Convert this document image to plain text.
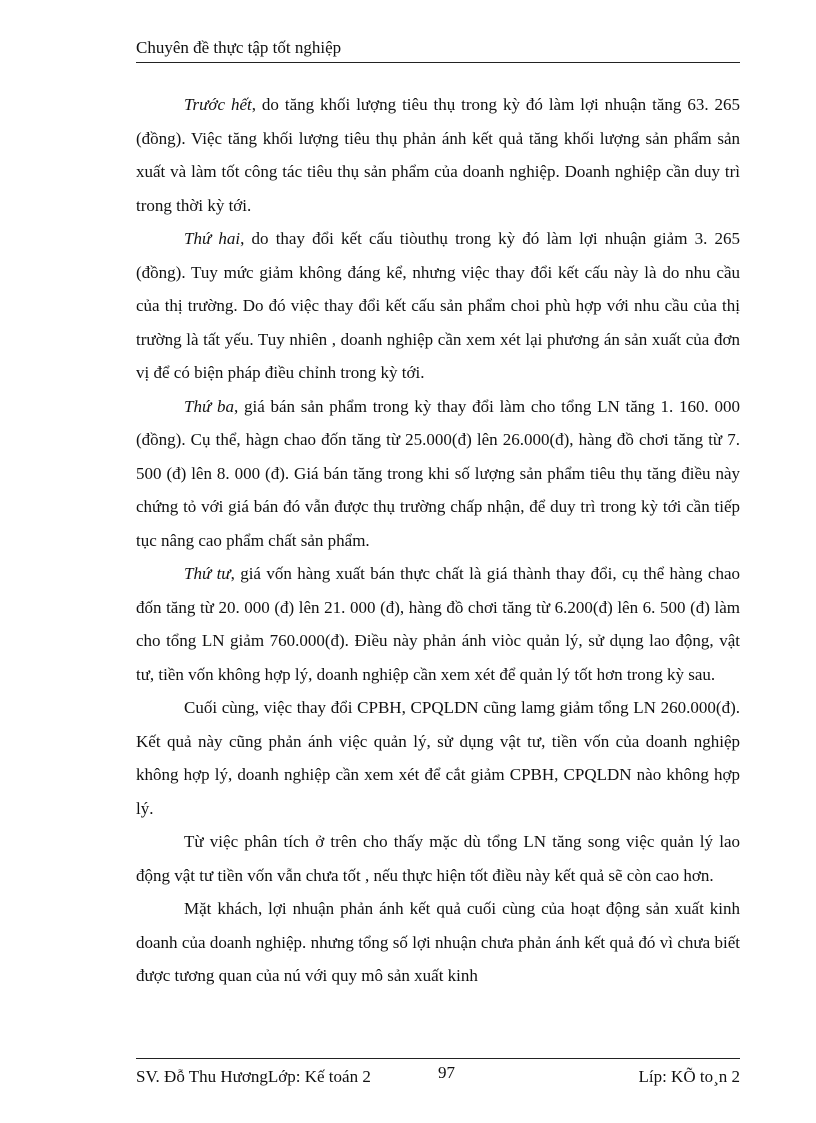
Chuyên đề thực tập tốt nghiệp

Trước hết, do tăng khối lượng tiêu thụ trong kỳ đó làm lợi nhuận tăng 63. 265 (đồng). Việc tăng khối lượng tiêu thụ phản ánh kết quả tăng khối lượng sản phẩm sản xuất và làm tốt công tác tiêu thụ sản phẩm của doanh nghiệp. Doanh nghiệp cần duy trì trong thời kỳ tới.

Thứ hai, do thay đổi kết cấu tiòuthụ trong kỳ đó làm lợi nhuận giảm 3. 265 (đồng). Tuy mức giảm không đáng kể, nhưng việc thay đổi kết cấu này là do nhu cầu của thị trường. Do đó việc thay đổi kết cấu sản phẩm choi phù hợp với nhu cầu của thị trường là tất yếu. Tuy nhiên , doanh nghiệp cần xem xét lại phương án sản xuất của đơn vị để có biện pháp điều chỉnh trong kỳ tới.

Thứ ba, giá bán sản phẩm trong kỳ thay đổi làm cho tổng LN tăng 1. 160. 000 (đồng). Cụ thể, hàgn chao đốn tăng từ 25.000(đ) lên 26.000(đ), hàng đồ chơi tăng từ 7. 500 (đ) lên 8. 000 (đ). Giá bán tăng trong khi số lượng sản phẩm tiêu thụ tăng điều này chứng tỏ với giá bán đó vẫn được thụ trường chấp nhận, để duy trì trong kỳ tới cần tiếp tục nâng cao phẩm chất sản phẩm.

Thứ tư, giá vốn hàng xuất bán thực chất là giá thành thay đổi, cụ thể hàng chao đốn tăng từ 20. 000 (đ) lên 21. 000 (đ), hàng đồ chơi tăng từ 6.200(đ) lên 6. 500 (đ) làm cho tổng LN giảm 760.000(đ). Điều này phản ánh viòc quản lý, sử dụng lao động, vật tư, tiền vốn không hợp lý, doanh nghiệp cần xem xét để quản lý tốt hơn trong kỳ sau.

Cuối cùng, việc thay đổi CPBH, CPQLDN cũng lamg giảm tổng LN 260.000(đ). Kết quả này cũng phản ánh việc quản lý, sử dụng vật tư, tiền vốn của doanh nghiệp không hợp lý, doanh nghiệp cần xem xét để cắt giảm CPBH, CPQLDN nào không hợp lý.

Từ việc phân tích ở trên cho thấy mặc dù tổng LN tăng song việc quản lý lao động vật tư tiền vốn vẫn chưa tốt , nếu thực hiện tốt điều này kết quả sẽ còn cao hơn.

Mặt khách, lợi nhuận phản ánh kết quả cuối cùng của hoạt động sản xuất kinh doanh của doanh nghiệp. nhưng tổng số lợi nhuận chưa phản ánh kết quả đó vì chưa biết được tương quan của nú với quy mô sản xuất kinh

SV. Đỗ Thu HươngLớp: Kế toán 2	97	Líp: KÕ to¸n 2
